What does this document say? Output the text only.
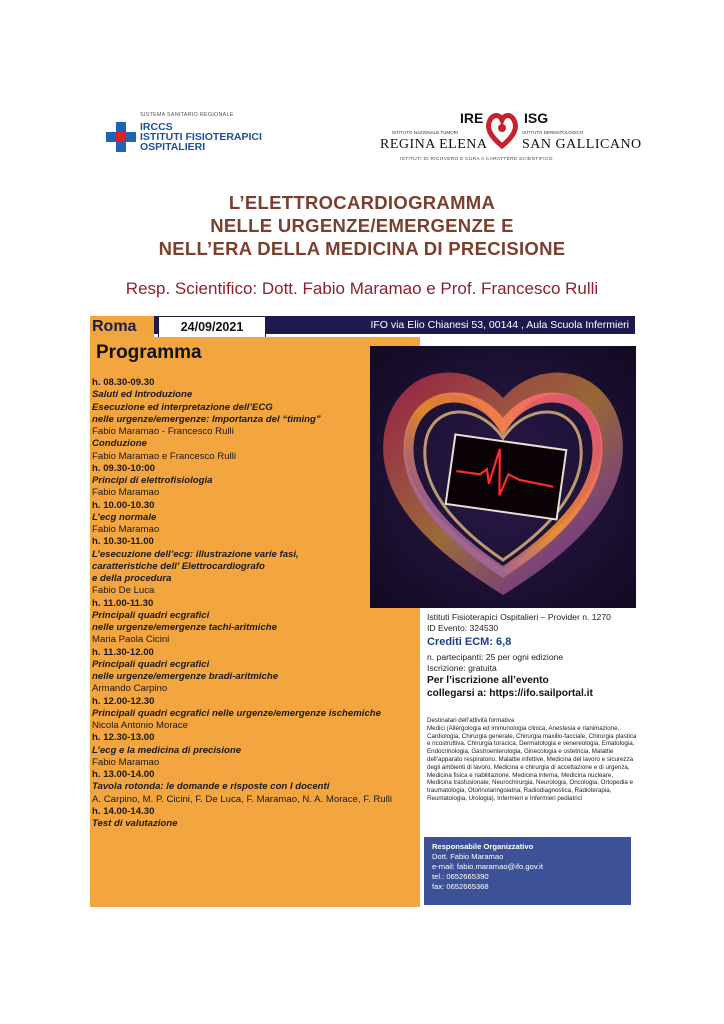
SISTEMA SANITARIO REGIONALE
IRCCS
ISTITUTI FISIOTERAPICI
OSPITALIERI
IRE	ISG
ISTITUTO NAZIONALE TUMORI	ISTITUTO DERMATOLOGICO
REGINA ELENA SAN GALLICANO
ISTITUTI DI RICOVERO E CURA A CARATTERE SCIENTIFICO
L’ELETTROCARDIOGRAMMA
NELLE URGENZE/EMERGENZE E
NELL’ERA DELLA MEDICINA DI PRECISIONE
Resp. Scientifico: Dott. Fabio Maramao e Prof. Francesco Rulli
Roma	24/09/2021	IFO via Elio Chianesi 53, 00144 , Aula Scuola Infermieri
Programma
h. 08.30-09.30
Saluti ed Introduzione
Esecuzione ed interpretazione dell’ECG
nelle urgenze/emergenze: Importanza del “timing”
Fabio Maramao - Francesco Rulli
Conduzione
Fabio Maramao e Francesco Rulli
h. 09.30-10:00
Principi di elettrofisiologia
Fabio Maramao
h. 10.00-10.30
L’ecg normale
Fabio Maramao
h. 10.30-11.00
L’esecuzione dell’ecg: illustrazione varie fasi,
caratteristiche dell’ Elettrocardiografo
e della procedura
Fabio De Luca
h. 11.00-11.30
Principali quadri ecgrafici
nelle urgenze/emergenze tachi-aritmiche
Maria Paola Cicini
h. 11.30-12.00
Principali quadri ecgrafici
nelle urgenze/emergenze bradi-aritmiche
Armando Carpino
h. 12.00-12.30
Principali quadri ecgrafici nelle urgenze/emergenze ischemiche
Nicola Antonio Morace
h. 12.30-13.00
L’ecg e la medicina di precisione
Fabio Maramao
h. 13.00-14.00
Tavola rotonda: le domande e risposte con I docenti
A. Carpino, M. P. Cicini, F. De Luca, F. Maramao, N. A. Morace, F. Rulli
h. 14.00-14.30
Test di valutazione
Istituti Fisioterapici Ospitalieri – Provider n. 1270
ID Evento: 324530
Crediti ECM: 6,8
n. partecipanti: 25 per ogni edizione
Iscrizione: gratuita
Per l’iscrizione all’evento
collegarsi a: https://ifo.sailportal.it
Destinatari dell’attività formativa
Medici (Allergologia ed immunologia clinica, Anestesia e rianimazione, Cardiologia, Chirurgia generale, Chirurgia maxillo-facciale, Chirurgia plastica e ricostruttiva, Chirurgia toracica, Dermatologia e venereologia, Ematologia, Endocrinologia, Gastroenterologia, Ginecologia e ostetricia, Malattie dell’apparato respiratorio, Malattie infettive, Medicina del lavoro e sicurezza degli ambienti di lavoro, Medicina e chirurgia di accettazione e di urgenza, Medicina fisica e riabilitazione, Medicina interna, Medicina nucleare, Medicina trasfusionale, Neurochirurgia, Neurologia, Oncologia, Ortopedia e traumatologia, Otorinolaringoiatria, Radiodiagnostica, Radioterapia, Reumatologia, Urologia), Infermieri e Infermieri pediatrici
Responsabile Organizzativo
Dott. Fabio Maramao
e-mail: fabio.maramao@ifo.gov.it
tel.: 0652665390
fax: 0652665368
